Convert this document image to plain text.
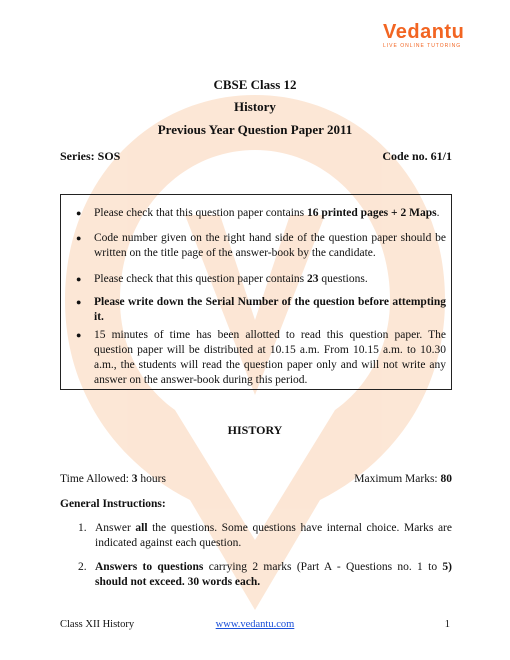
Vedantu
LIVE ONLINE TUTORING
CBSE Class 12
History
Previous Year Question Paper 2011
Series: SOS	Code no. 61/1
● Please check that this question paper contains 16 printed pages + 2 Maps.
● Code number given on the right hand side of the question paper should be written on the title page of the answer-book by the candidate.
● Please check that this question paper contains 23 questions.
● Please write down the Serial Number of the question before attempting it.
● 15 minutes of time has been allotted to read this question paper. The question paper will be distributed at 10.15 a.m. From 10.15 a.m. to 10.30 a.m., the students will read the question paper only and will not write any answer on the answer-book during this period.
HISTORY
Time Allowed: 3 hours	Maximum Marks: 80
General Instructions:
1. Answer all the questions. Some questions have internal choice. Marks are indicated against each question.
2. Answers to questions carrying 2 marks (Part A - Questions no. 1 to 5) should not exceed. 30 words each.
Class XII History	www.vedantu.com	1
